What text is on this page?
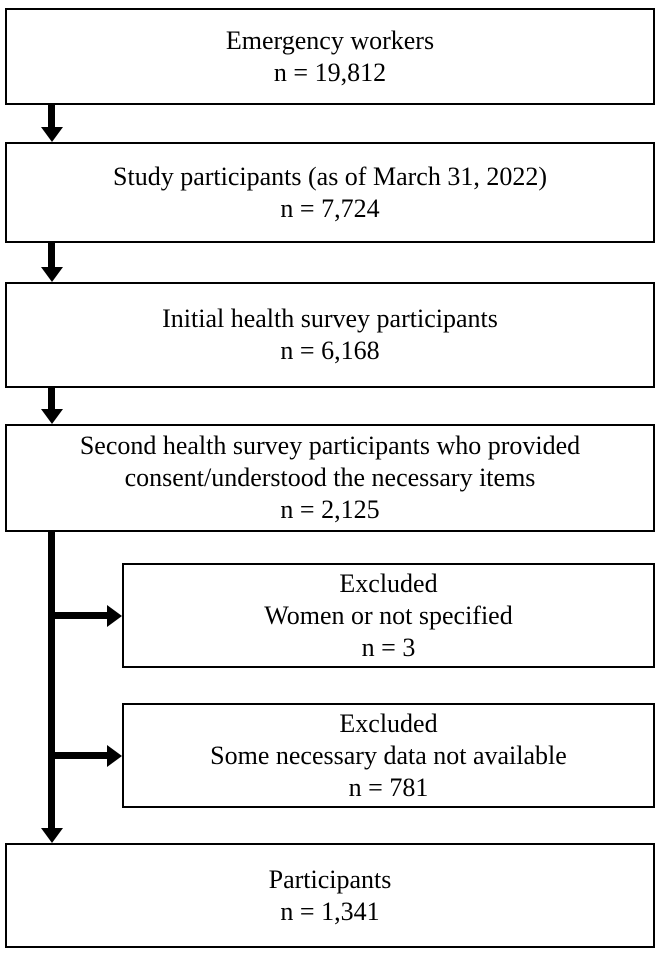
Emergency workers
n = 19,812
Study participants (as of March 31, 2022)
n = 7,724
Initial health survey participants
n = 6,168
Second health survey participants who provided
consent/understood the necessary items
n = 2,125
Excluded
Women or not specified
n = 3
Excluded
Some necessary data not available
n = 781
Participants
n = 1,341
